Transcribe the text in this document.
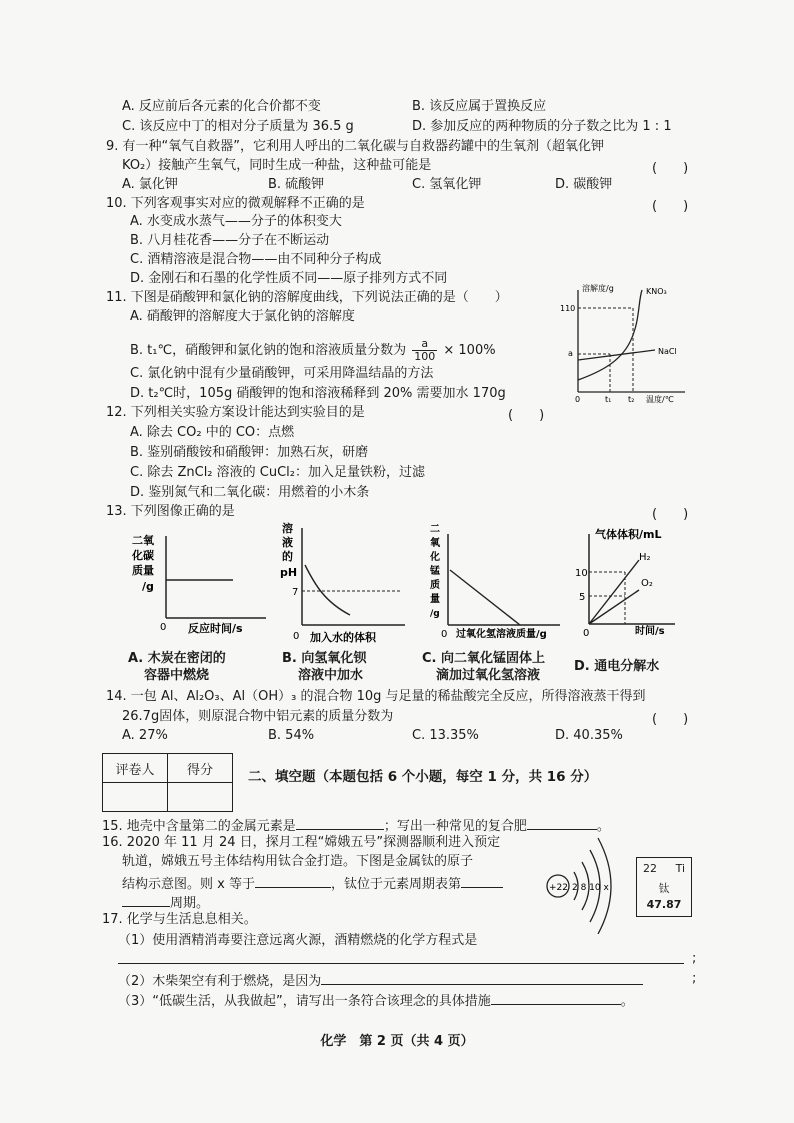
A. 反应前后各元素的化合价都不变	B. 该反应属于置换反应
C. 该反应中丁的相对分子质量为 36.5 g	D. 参加反应的两种物质的分子数之比为 1 : 1
9. 有一种“氧气自救器”，它利用人呼出的二氧化碳与自救器药罐中的生氧剂（超氧化钾
KO₂）接触产生氧气，同时生成一种盐，这种盐可能是	(　　)
A. 氯化钾	B. 硫酸钾	C. 氢氧化钾	D. 碳酸钾
10. 下列客观事实对应的微观解释不正确的是	(　　)
A. 水变成水蒸气——分子的体积变大
B. 八月桂花香——分子在不断运动
C. 酒精溶液是混合物——由不同种分子构成
D. 金刚石和石墨的化学性质不同——原子排列方式不同
11. 下图是硝酸钾和氯化钠的溶解度曲线，下列说法正确的是（　　）
A. 硝酸钾的溶解度大于氯化钠的溶解度
B. t₁℃，硝酸钾和氯化钠的饱和溶液质量分数为 $\frac{a}{100} \times 100\%$
C. 氯化钠中混有少量硝酸钾，可采用降温结晶的方法
D. t₂℃时，105g 硝酸钾的饱和溶液稀释到 20% 需要加水 170g
溶解度/g
110
a
0	t₁ t₂ 温度/℃
KNO₃
NaCl
12. 下列相关实验方案设计能达到实验目的是	(　　)
A. 除去 CO₂ 中的 CO：点燃
B. 鉴别硝酸铵和硝酸钾：加熟石灰，研磨
C. 除去 ZnCl₂ 溶液的 CuCl₂：加入足量铁粉，过滤
D. 鉴别氮气和二氧化碳：用燃着的小木条
13. 下列图像正确的是	(　　)
二氧
化碳
质量
/g
0 反应时间/s
A. 木炭在密闭的
容器中燃烧
溶
液
的
pH
7
0 加入水的体积
B. 向氢氧化钡
溶液中加水
二
氧
化
锰
质
量
/g
0 过氧化氢溶液质量/g
C. 向二氧化锰固体上
滴加过氧化氢溶液
气体体积/mL
10
5
H₂
O₂
0	时间/s
D. 通电分解水
14. 一包 Al、Al₂O₃、Al（OH）₃ 的混合物 10g 与足量的稀盐酸完全反应，所得溶液蒸干得到
26.7g固体，则原混合物中铝元素的质量分数为	(　　)
A. 27%	B. 54%	C. 13.35%	D. 40.35%
评卷人	得分
		二、填空题（本题包括 6 个小题，每空 1 分，共 16 分）
15. 地壳中含量第二的金属元素是	；写出一种常见的复合肥	。
16. 2020 年 11 月 24 日，探月工程“嫦娥五号”探测器顺利进入预定
轨道，嫦娥五号主体结构用钛合金打造。下图是金属钛的原子
结构示意图。则 x 等于	，钛位于元素周期表第
周期。
+22 2 8 10 x
22 Ti
钛
47.87
17. 化学与生活息息相关。
（1）使用酒精消毒要注意远离火源，酒精燃烧的化学方程式是
;
（2）木柴架空有利于燃烧，是因为	;
（3）“低碳生活，从我做起”，请写出一条符合该理念的具体措施	。
化学　第 2 页（共 4 页）
